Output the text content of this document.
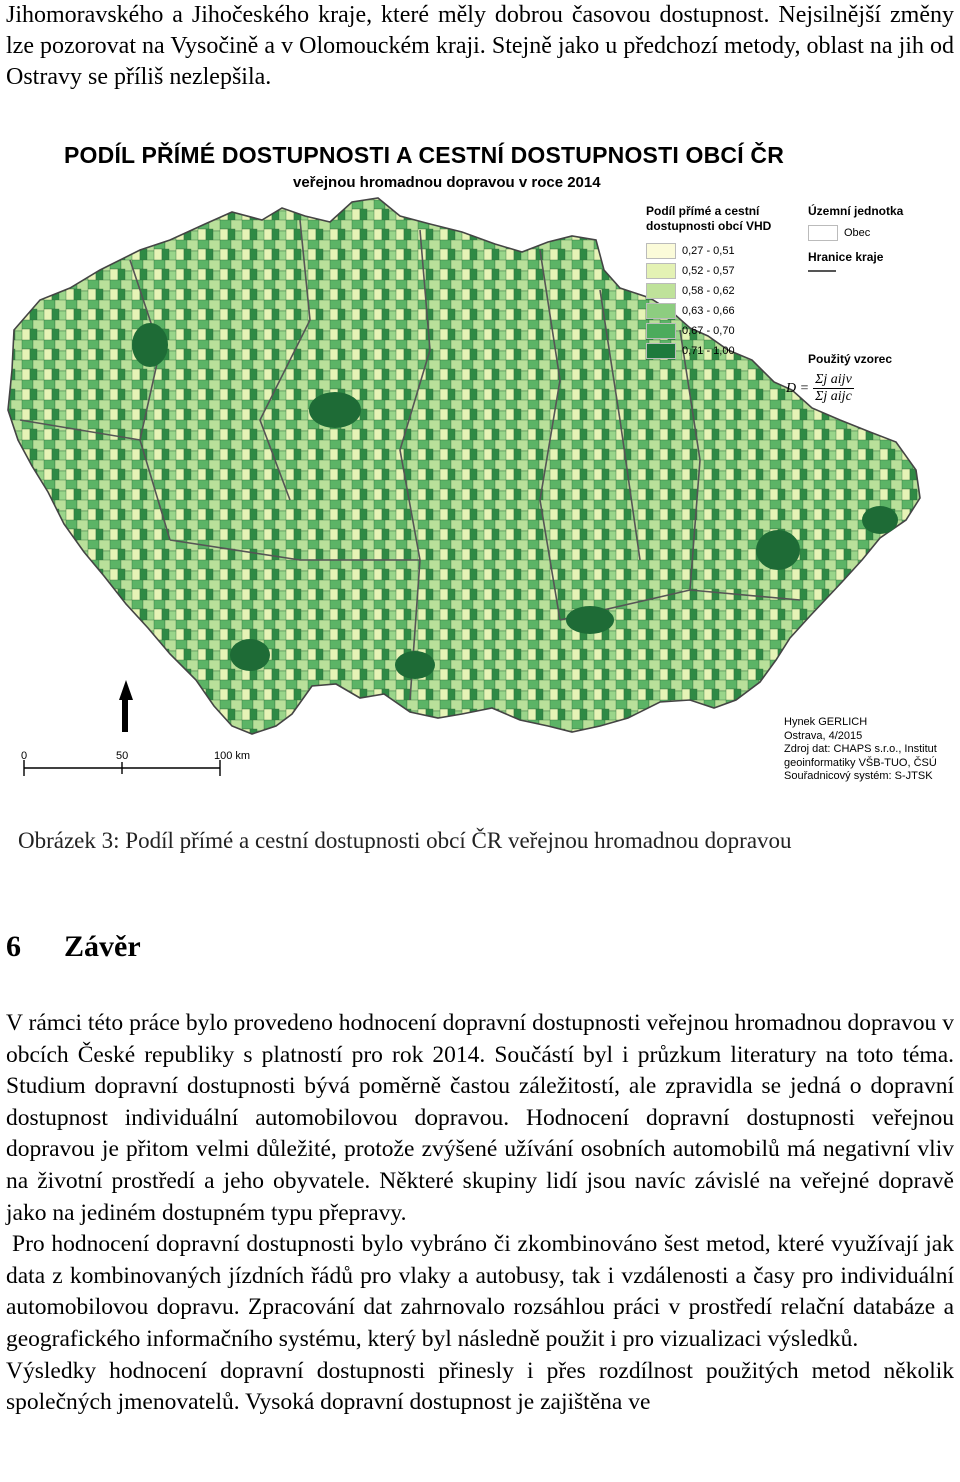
Jihomoravského a Jihočeského kraje, které měly dobrou časovou dostupnost. Nejsilnější změny lze pozorovat na Vysočině a v Olomouckém kraji. Stejně jako u předchozí metody, oblast na jih od Ostravy se příliš nezlepšila.

PODÍL PŘÍMÉ DOSTUPNOSTI A CESTNÍ DOSTUPNOSTI OBCÍ ČR
veřejnou hromadnou dopravou v roce 2014
0	50	100 km
Podíl přímé a cestní
dostupnosti obcí VHD
0,27 - 0,51
0,52 - 0,57
0,58 - 0,62
0,63 - 0,66
0,67 - 0,70
0,71 - 1,00
Územní jednotka
Obec
Hranice kraje
Použitý vzorec
$D = \frac{\text{Σj aijv}}{\text{Σj aijc}}$
Hynek GERLICH
Ostrava, 4/2015
Zdroj dat: CHAPS s.r.o., Institut
geoinformatiky VŠB-TUO, ČSÚ
Souřadnicový systém: S-JTSK
Obrázek 3: Podíl přímé a cestní dostupnosti obcí ČR veřejnou hromadnou dopravou
6 Závěr

V rámci této práce bylo provedeno hodnocení dopravní dostupnosti veřejnou hromadnou dopravou v obcích České republiky s platností pro rok 2014. Součástí byl i průzkum literatury na toto téma. Studium dopravní dostupnosti bývá poměrně častou záležitostí, ale zpravidla se jedná o dopravní dostupnost individuální automobilovou dopravou. Hodnocení dopravní dostupnosti veřejnou dopravou je přitom velmi důležité, protože zvýšené užívání osobních automobilů má negativní vliv na životní prostředí a jeho obyvatele. Některé skupiny lidí jsou navíc závislé na veřejné dopravě jako na jediném dostupném typu přepravy.

Pro hodnocení dopravní dostupnosti bylo vybráno či zkombinováno šest metod, které využívají jak data z kombinovaných jízdních řádů pro vlaky a autobusy, tak i vzdálenosti a časy pro individuální automobilovou dopravu. Zpracování dat zahrnovalo rozsáhlou práci v prostředí relační databáze a geografického informačního systému, který byl následně použit i pro vizualizaci výsledků.

Výsledky hodnocení dopravní dostupnosti přinesly i přes rozdílnost použitých metod několik společných jmenovatelů. Vysoká dopravní dostupnost je zajištěna ve
